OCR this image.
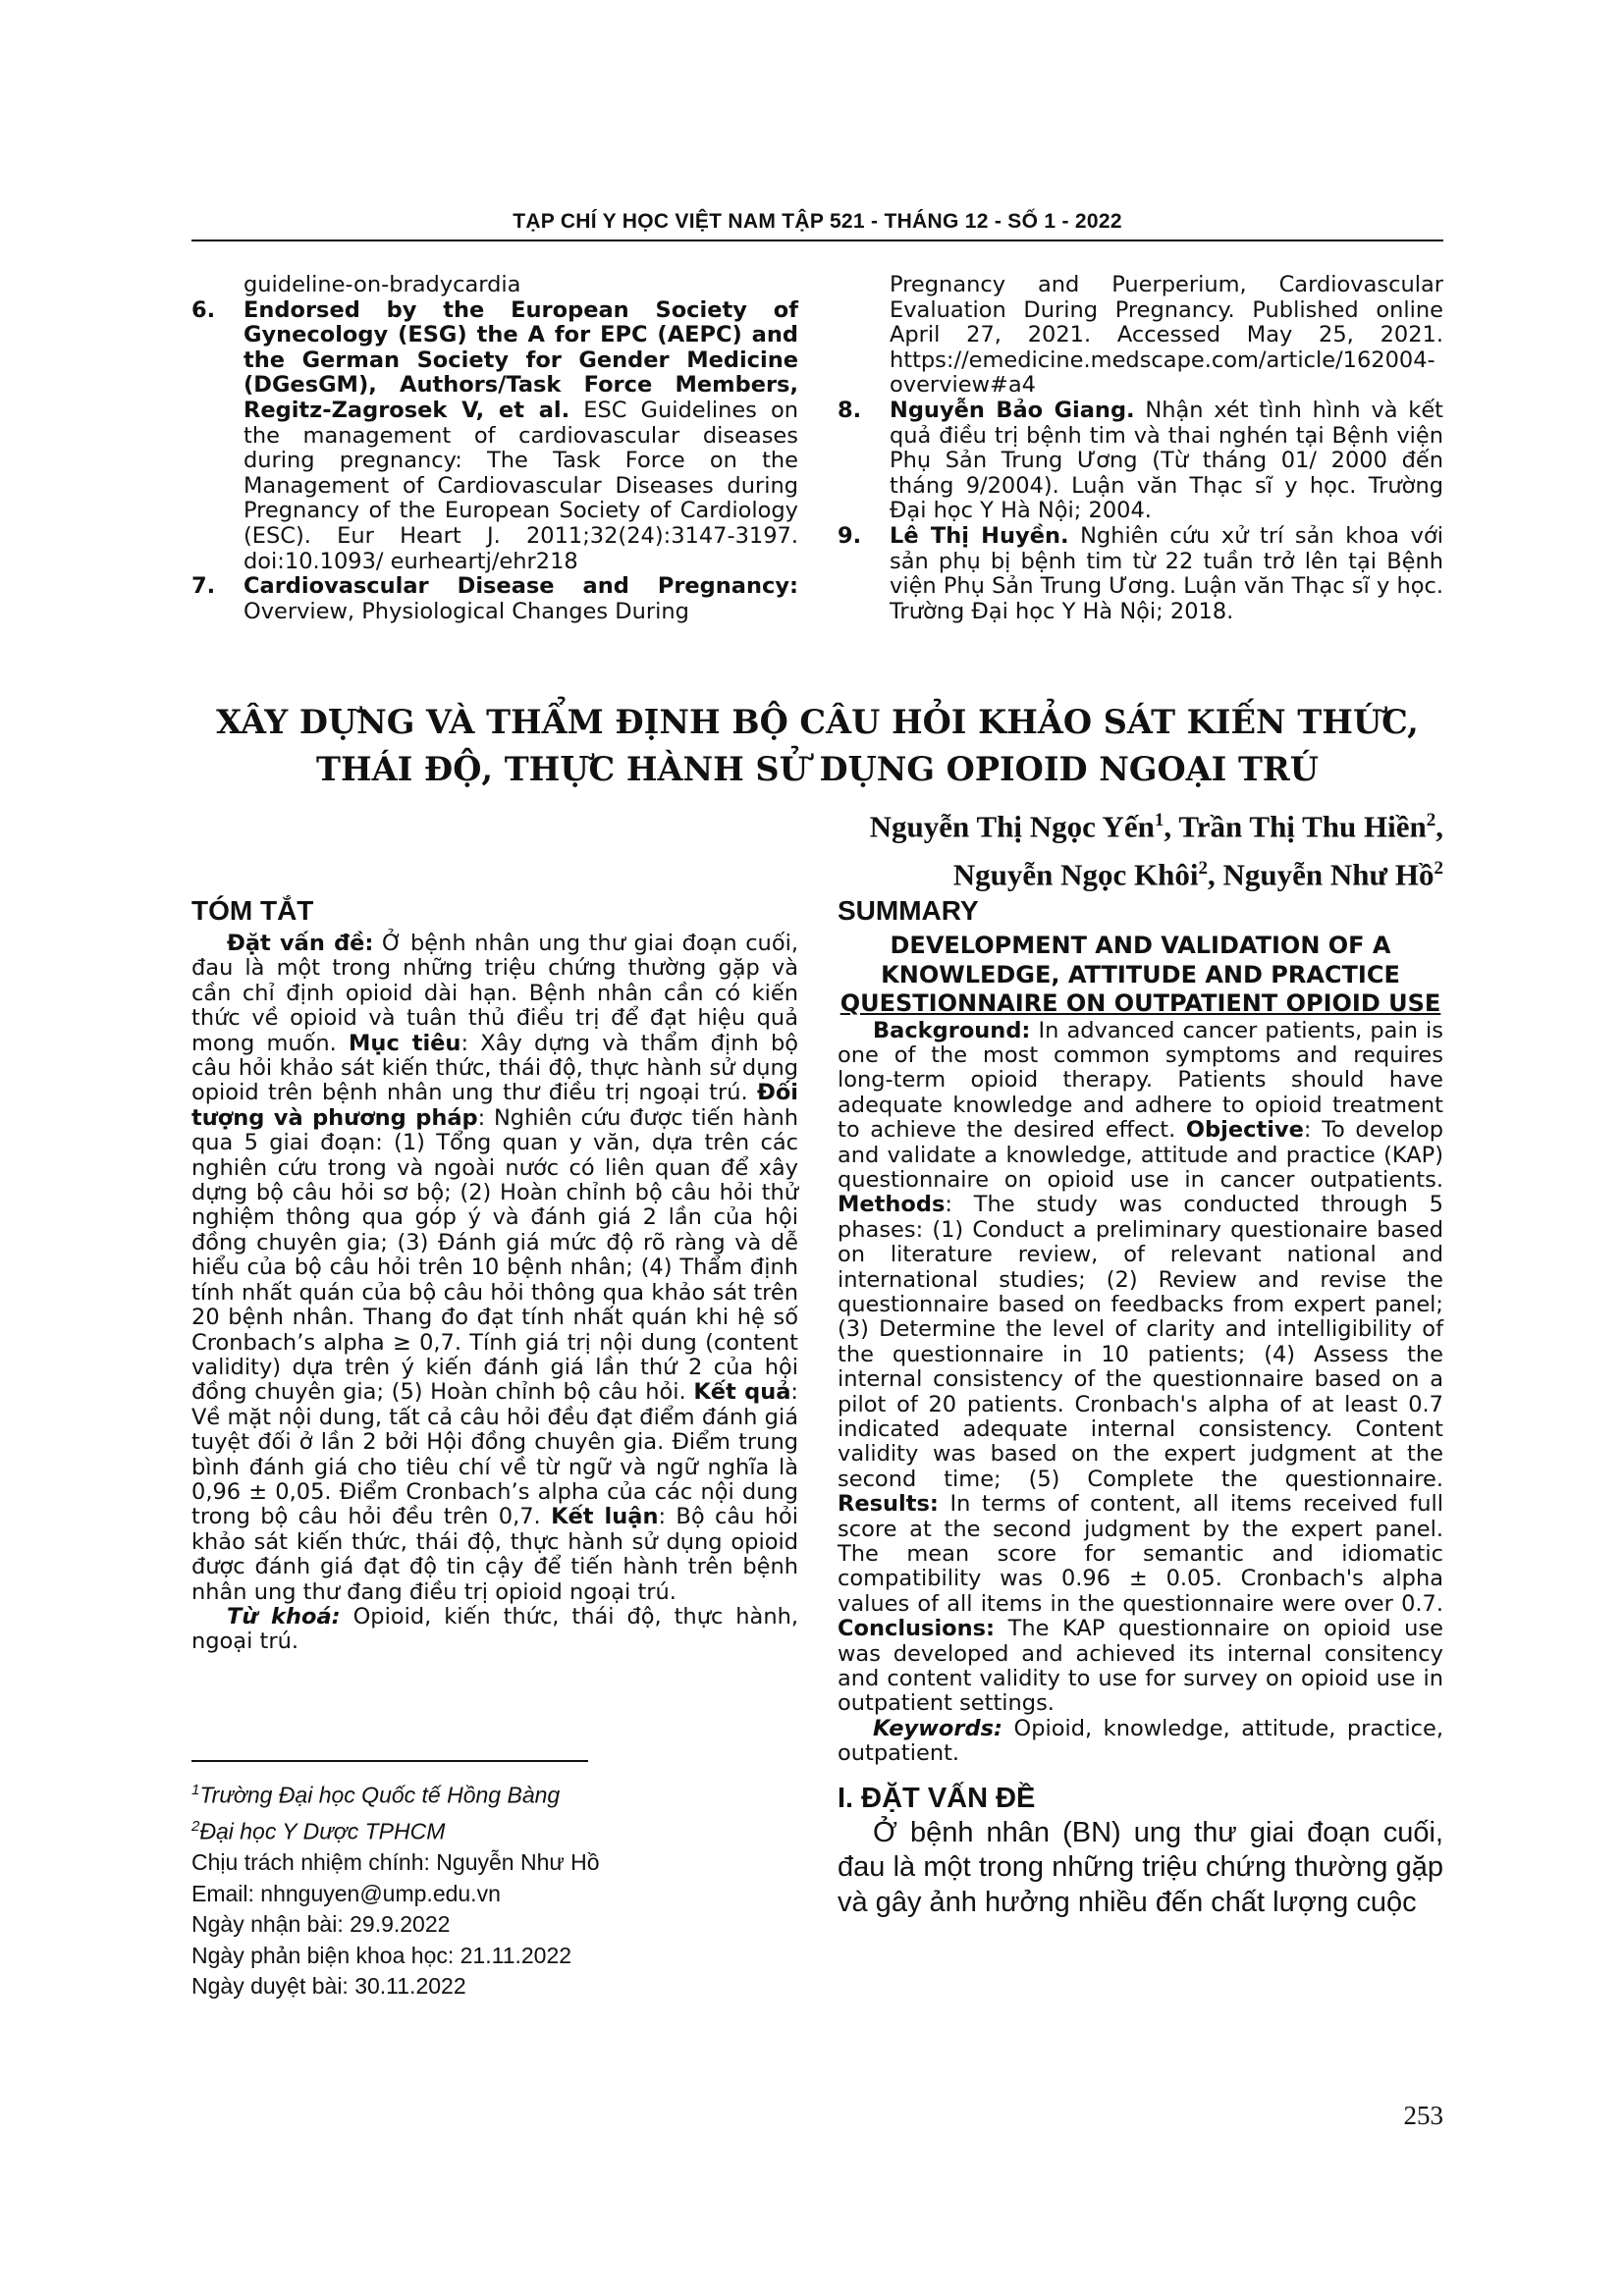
TẠP CHÍ Y HỌC VIỆT NAM TẬP 521 - THÁNG 12 - SỐ 1 - 2022
guideline-on-bradycardia
6. Endorsed by the European Society of Gynecology (ESG) the A for EPC (AEPC) and the German Society for Gender Medicine (DGesGM), Authors/Task Force Members, Regitz-Zagrosek V, et al. ESC Guidelines on the management of cardiovascular diseases during pregnancy: The Task Force on the Management of Cardiovascular Diseases during Pregnancy of the European Society of Cardiology (ESC). Eur Heart J. 2011;32(24):3147-3197. doi:10.1093/ eurheartj/ehr218
7. Cardiovascular Disease and Pregnancy: Overview, Physiological Changes During
Pregnancy and Puerperium, Cardiovascular Evaluation During Pregnancy. Published online April 27, 2021. Accessed May 25, 2021. https://emedicine.medscape.com/article/162004-overview#a4
8. Nguyễn Bảo Giang. Nhận xét tình hình và kết quả điều trị bệnh tim và thai nghén tại Bệnh viện Phụ Sản Trung Ương (Từ tháng 01/ 2000 đến tháng 9/2004). Luận văn Thạc sĩ y học. Trường Đại học Y Hà Nội; 2004.
9. Lê Thị Huyền. Nghiên cứu xử trí sản khoa với sản phụ bị bệnh tim từ 22 tuần trở lên tại Bệnh viện Phụ Sản Trung Ương. Luận văn Thạc sĩ y học. Trường Đại học Y Hà Nội; 2018.
XÂY DỰNG VÀ THẨM ĐỊNH BỘ CÂU HỎI KHẢO SÁT KIẾN THỨC,
THÁI ĐỘ, THỰC HÀNH SỬ DỤNG OPIOID NGOẠI TRÚ
Nguyễn Thị Ngọc Yến$^1$, Trần Thị Thu Hiền$^2$,
Nguyễn Ngọc Khôi$^2$, Nguyễn Như Hồ$^2$
TÓM TẮT
Đặt vấn đề: Ở bệnh nhân ung thư giai đoạn cuối, đau là một trong những triệu chứng thường gặp và cần chỉ định opioid dài hạn. Bệnh nhân cần có kiến thức về opioid và tuân thủ điều trị để đạt hiệu quả mong muốn. Mục tiêu: Xây dựng và thẩm định bộ câu hỏi khảo sát kiến thức, thái độ, thực hành sử dụng opioid trên bệnh nhân ung thư điều trị ngoại trú. Đối tượng và phương pháp: Nghiên cứu được tiến hành qua 5 giai đoạn: (1) Tổng quan y văn, dựa trên các nghiên cứu trong và ngoài nước có liên quan để xây dựng bộ câu hỏi sơ bộ; (2) Hoàn chỉnh bộ câu hỏi thử nghiệm thông qua góp ý và đánh giá 2 lần của hội đồng chuyên gia; (3) Đánh giá mức độ rõ ràng và dễ hiểu của bộ câu hỏi trên 10 bệnh nhân; (4) Thẩm định tính nhất quán của bộ câu hỏi thông qua khảo sát trên 20 bệnh nhân. Thang đo đạt tính nhất quán khi hệ số Cronbach’s alpha ≥ 0,7. Tính giá trị nội dung (content validity) dựa trên ý kiến đánh giá lần thứ 2 của hội đồng chuyên gia; (5) Hoàn chỉnh bộ câu hỏi. Kết quả: Về mặt nội dung, tất cả câu hỏi đều đạt điểm đánh giá tuyệt đối ở lần 2 bởi Hội đồng chuyên gia. Điểm trung bình đánh giá cho tiêu chí về từ ngữ và ngữ nghĩa là 0,96 ± 0,05. Điểm Cronbach’s alpha của các nội dung trong bộ câu hỏi đều trên 0,7. Kết luận: Bộ câu hỏi khảo sát kiến thức, thái độ, thực hành sử dụng opioid được đánh giá đạt độ tin cậy để tiến hành trên bệnh nhân ung thư đang điều trị opioid ngoại trú.
Từ khoá: Opioid, kiến thức, thái độ, thực hành, ngoại trú.
SUMMARY
DEVELOPMENT AND VALIDATION OF A
KNOWLEDGE, ATTITUDE AND PRACTICE
QUESTIONNAIRE ON OUTPATIENT OPIOID USE
Background: In advanced cancer patients, pain is one of the most common symptoms and requires long-term opioid therapy. Patients should have adequate knowledge and adhere to opioid treatment to achieve the desired effect. Objective: To develop and validate a knowledge, attitude and practice (KAP) questionnaire on opioid use in cancer outpatients. Methods: The study was conducted through 5 phases: (1) Conduct a preliminary questionaire based on literature review, of relevant national and international studies; (2) Review and revise the questionnaire based on feedbacks from expert panel; (3) Determine the level of clarity and intelligibility of the questionnaire in 10 patients; (4) Assess the internal consistency of the questionnaire based on a pilot of 20 patients. Cronbach's alpha of at least 0.7 indicated adequate internal consistency. Content validity was based on the expert judgment at the second time; (5) Complete the questionnaire. Results: In terms of content, all items received full score at the second judgment by the expert panel. The mean score for semantic and idiomatic compatibility was 0.96 ± 0.05. Cronbach's alpha values of all items in the questionnaire were over 0.7. Conclusions: The KAP questionnaire on opioid use was developed and achieved its internal consitency and content validity to use for survey on opioid use in outpatient settings.
Keywords: Opioid, knowledge, attitude, practice, outpatient.
I. ĐẶT VẤN ĐỀ
Ở bệnh nhân (BN) ung thư giai đoạn cuối, đau là một trong những triệu chứng thường gặp và gây ảnh hưởng nhiều đến chất lượng cuộc
$^1$Trường Đại học Quốc tế Hồng Bàng
$^2$Đại học Y Dược TPHCM
Chịu trách nhiệm chính: Nguyễn Như Hồ
Email: nhnguyen@ump.edu.vn
Ngày nhận bài: 29.9.2022
Ngày phản biện khoa học: 21.11.2022
Ngày duyệt bài: 30.11.2022
253
